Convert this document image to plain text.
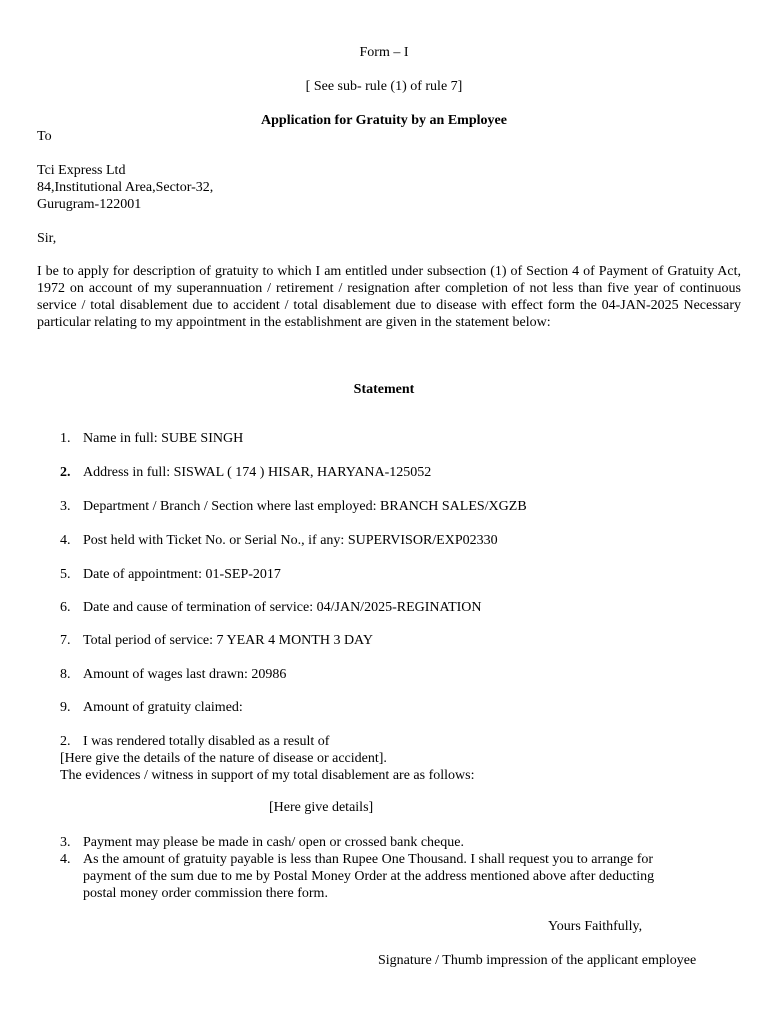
Form – I
[ See sub- rule (1) of rule 7]
Application for Gratuity by an Employee
To
Tci Express Ltd
84,Institutional Area,Sector-32,
Gurugram-122001
Sir,
I be to apply for description of gratuity to which I am entitled under subsection (1) of Section 4 of Payment of Gratuity Act, 1972 on account of my superannuation / retirement / resignation after completion of not less than five year of continuous service / total disablement due to accident / total disablement due to disease with effect form the 04-JAN-2025 Necessary particular relating to my appointment in the establishment are given in the statement below:
Statement
1. Name in full: SUBE SINGH
2. Address in full: SISWAL ( 174 ) HISAR, HARYANA-125052
3. Department / Branch / Section where last employed: BRANCH SALES/XGZB
4. Post held with Ticket No. or Serial No., if any: SUPERVISOR/EXP02330
5. Date of appointment: 01-SEP-2017
6. Date and cause of termination of service: 04/JAN/2025-REGINATION
7. Total period of service: 7 YEAR 4 MONTH 3 DAY
8. Amount of wages last drawn: 20986
9. Amount of gratuity claimed:
2. I was rendered totally disabled as a result of
[Here give the details of the nature of disease or accident].
The evidences / witness in support of my total disablement are as follows:
[Here give details]
3. Payment may please be made in cash/ open or crossed bank cheque.
4. As the amount of gratuity payable is less than Rupee One Thousand. I shall request you to arrange for
payment of the sum due to me by Postal Money Order at the address mentioned above after deducting
postal money order commission there form.
Yours Faithfully,
Signature / Thumb impression of the applicant employee
